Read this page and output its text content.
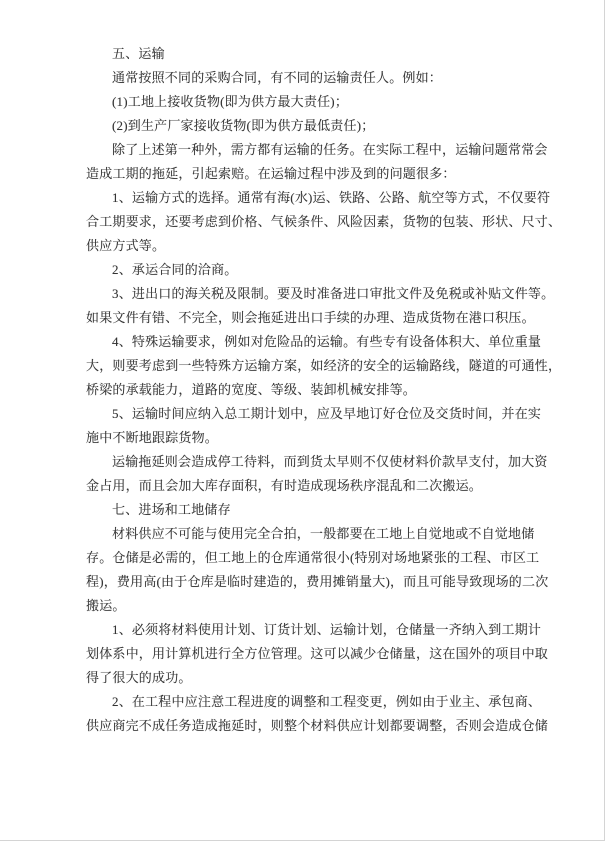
五、运输
通常按照不同的采购合同，有不同的运输责任人。例如：
(1)工地上接收货物(即为供方最大责任)；
(2)到生产厂家接收货物(即为供方最低责任)；
除了上述第一种外，需方都有运输的任务。在实际工程中，运输问题常常会
造成工期的拖延，引起索赔。在运输过程中涉及到的问题很多：
1、运输方式的选择。通常有海(水)运、铁路、公路、航空等方式，不仅要符
合工期要求，还要考虑到价格、气候条件、风险因素，货物的包装、形状、尺寸、
供应方式等。
2、承运合同的洽商。
3、进出口的海关税及限制。要及时准备进口审批文件及免税或补贴文件等。
如果文件有错、不完全，则会拖延进出口手续的办理、造成货物在港口积压。
4、特殊运输要求，例如对危险品的运输。有些专有设备体积大、单位重量
大，则要考虑到一些特殊方运输方案，如经济的安全的运输路线，隧道的可通性，
桥梁的承载能力，道路的宽度、等级、装卸机械安排等。
5、运输时间应纳入总工期计划中，应及早地订好仓位及交货时间，并在实
施中不断地跟踪货物。
运输拖延则会造成停工待料，而到货太早则不仅使材料价款早支付，加大资
金占用，而且会加大库存面积，有时造成现场秩序混乱和二次搬运。
七、进场和工地储存
材料供应不可能与使用完全合拍，一般都要在工地上自觉地或不自觉地储
存。仓储是必需的，但工地上的仓库通常很小(特别对场地紧张的工程、市区工
程)，费用高(由于仓库是临时建造的，费用摊销量大)，而且可能导致现场的二次
搬运。
1、必须将材料使用计划、订货计划、运输计划，仓储量一齐纳入到工期计
划体系中，用计算机进行全方位管理。这可以减少仓储量，这在国外的项目中取
得了很大的成功。
2、在工程中应注意工程进度的调整和工程变更，例如由于业主、承包商、
供应商完不成任务造成拖延时，则整个材料供应计划都要调整，否则会造成仓储
